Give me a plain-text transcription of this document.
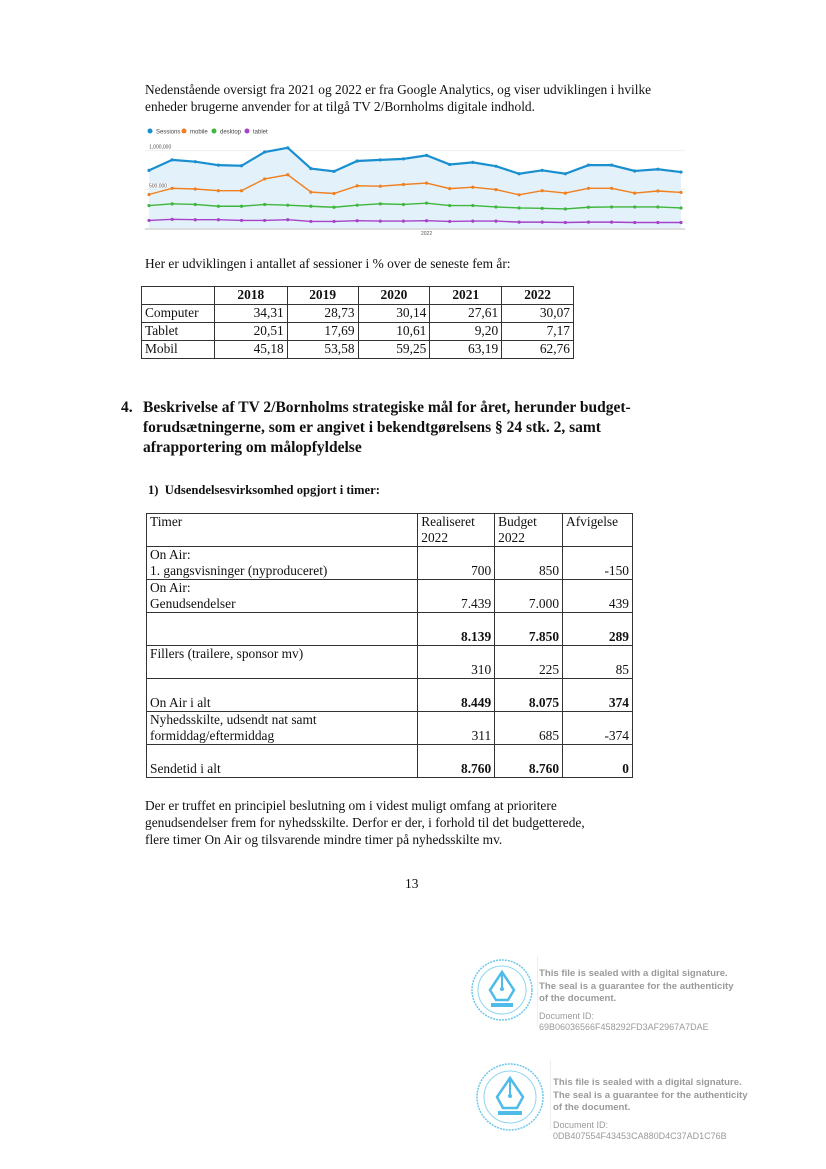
Nedenstående oversigt fra 2021 og 2022 er fra Google Analytics, og viser udviklingen i hvilke

enheder brugerne anvender for at tilgå TV 2/Bornholms digitale indhold.

Sessions mobile desktop tablet
1,000,000
500,000
2022

Her er udviklingen i antallet af sessioner i % over de seneste fem år:

	2018	2019	2020	2021	2022
Computer	34,31	28,73	30,14	27,61	30,07
Tablet	20,51	17,69	10,61	9,20	7,17
Mobil	45,18	53,58	59,25	63,19	62,76
4. Beskrivelse af TV 2/Bornholms strategiske mål for året, herunder budget-
forudsætningerne, som er angivet i bekendtgørelsens § 24 stk. 2, samt
afrapportering om målopfyldelse
1) Udsendelsesvirksomhed opgjort i timer:
Timer	Realiseret 2022	Budget 2022	Afvigelse

On Air:
1. gangsvisninger (nyproduceret)	700	850	-150

On Air:
Genudsendelser	7.439	7.000	439

	8.139	7.850	289

Fillers (trailere, sponsor mv)	310	225	85

On Air i alt	8.449	8.075	374

Nyhedsskilte, udsendt nat samt
formiddag/eftermiddag	311	685	-374

Sendetid i alt	8.760	8.760	0

Der er truffet en principiel beslutning om i videst muligt omfang at prioritere

genudsendelser frem for nyhedsskilte. Derfor er der, i forhold til det budgetterede,

flere timer On Air og tilsvarende mindre timer på nyhedsskilte mv.

13
This file is sealed with a digital signature.
The seal is a guarantee for the authenticity
of the document.
Document ID:
69B06036566F458292FD3AF2967A7DAE
This file is sealed with a digital signature.
The seal is a guarantee for the authenticity
of the document.
Document ID:
0DB407554F43453CA880D4C37AD1C76B
